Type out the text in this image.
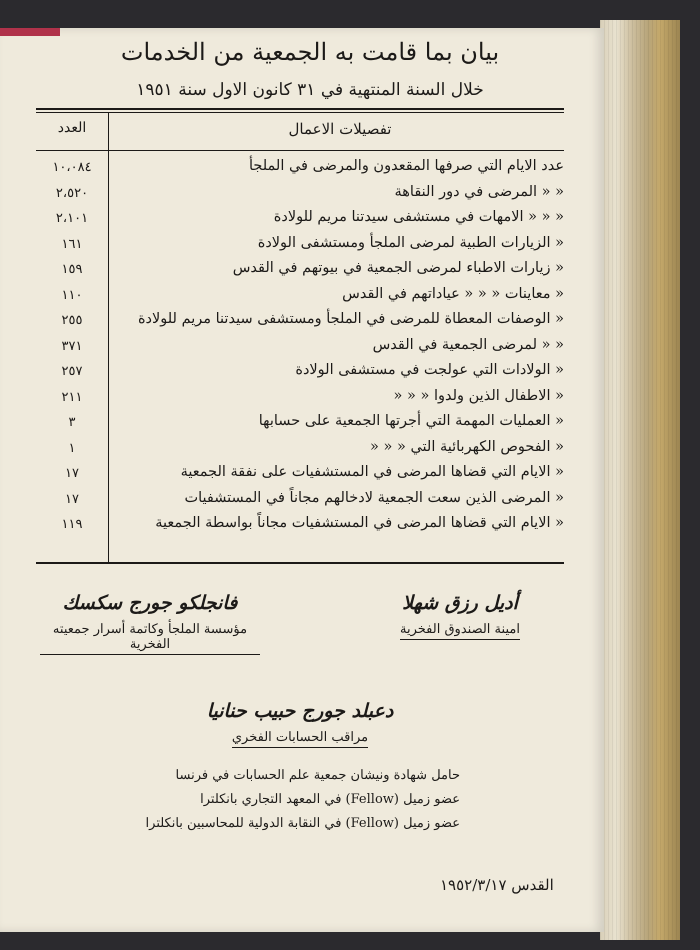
بيان بما قامت به الجمعية من الخدمات
خلال السنة المنتهية في ٣١ كانون الاول سنة ١٩٥١
تفصيلات الاعمال
العدد
عدد الايام التي صرفها المقعدون والمرضى في الملجأ
١٠،٠٨٤
« « المرضى في دور النقاهة
٢،٥٢٠
« « « الامهات في مستشفى سيدتنا مريم للولادة
٢،١٠١
« الزيارات الطبية لمرضى الملجأ ومستشفى الولادة
١٦١
« زيارات الاطباء لمرضى الجمعية في بيوتهم في القدس
١٥٩
« معاينات « « « عياداتهم في القدس
١١٠
« الوصفات المعطاة للمرضى في الملجأ ومستشفى سيدتنا مريم للولادة
٢٥٥
« « لمرضى الجمعية في القدس
٣٧١
« الولادات التي عولجت في مستشفى الولادة
٢٥٧
« الاطفال الذين ولدوا « « «
٢١١
« العمليات المهمة التي أجرتها الجمعية على حسابها
٣
« الفحوص الكهربائية التي « « «
١
« الايام التي قضاها المرضى في المستشفيات على نفقة الجمعية
١٧
« المرضى الذين سعت الجمعية لادخالهم مجاناً في المستشفيات
١٧
« الايام التي قضاها المرضى في المستشفيات مجاناً بواسطة الجمعية
١١٩
فانجلكو جورج سكسك
مؤسسة الملجأ وكاتمة أسرار جمعيته الفخرية
أديل رزق شهلا
امينة الصندوق الفخرية
دعبلد جورج حبيب حنانيا
مراقب الحسابات الفخري
حامل شهادة ونيشان جمعية علم الحسابات في فرنسا
عضو زميل (Fellow) في المعهد التجاري بانكلترا
عضو زميل (Fellow) في النقابة الدولية للمحاسبين بانكلترا
القدس ١٩٥٢/٣/١٧
